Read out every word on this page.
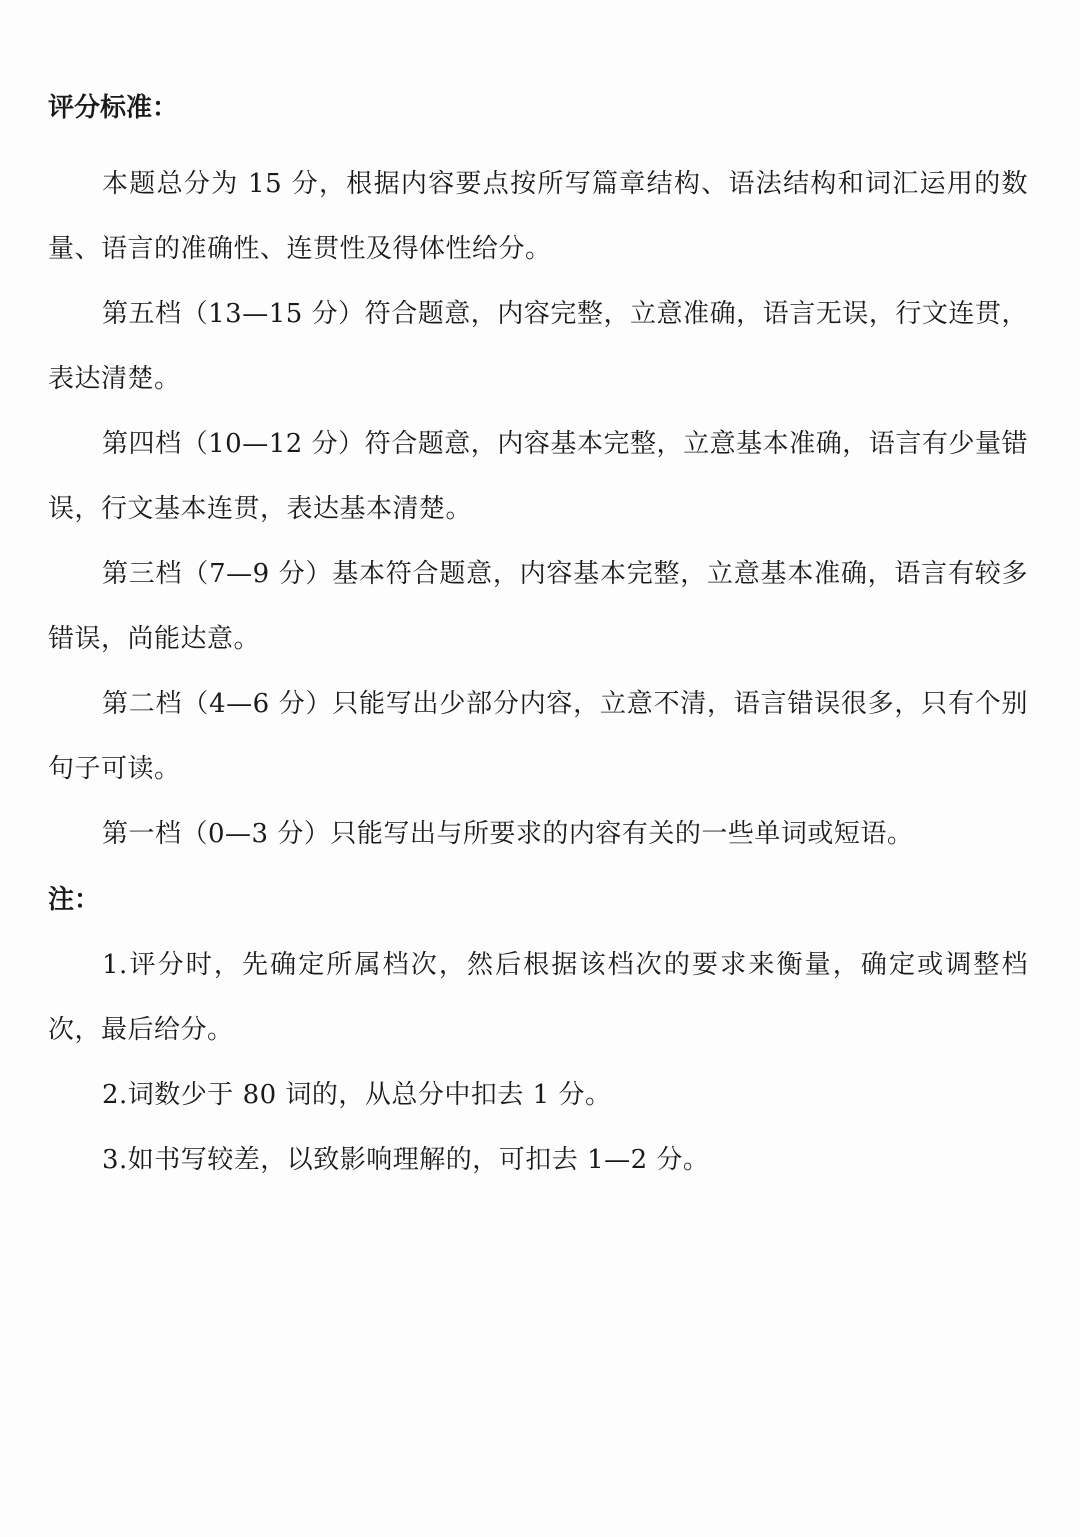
评分标准：

本题总分为 15 分，根据内容要点按所写篇章结构、语法结构和词汇运用的数量、语言的准确性、连贯性及得体性给分。

第五档（13—15 分）符合题意，内容完整，立意准确，语言无误，行文连贯，表达清楚。

第四档（10—12 分）符合题意，内容基本完整，立意基本准确，语言有少量错误，行文基本连贯，表达基本清楚。

第三档（7—9 分）基本符合题意，内容基本完整，立意基本准确，语言有较多错误，尚能达意。

第二档（4—6 分）只能写出少部分内容，立意不清，语言错误很多，只有个别句子可读。

第一档（0—3 分）只能写出与所要求的内容有关的一些单词或短语。

注：

1.评分时，先确定所属档次，然后根据该档次的要求来衡量，确定或调整档次，最后给分。

2.词数少于 80 词的，从总分中扣去 1 分。

3.如书写较差，以致影响理解的，可扣去 1—2 分。
